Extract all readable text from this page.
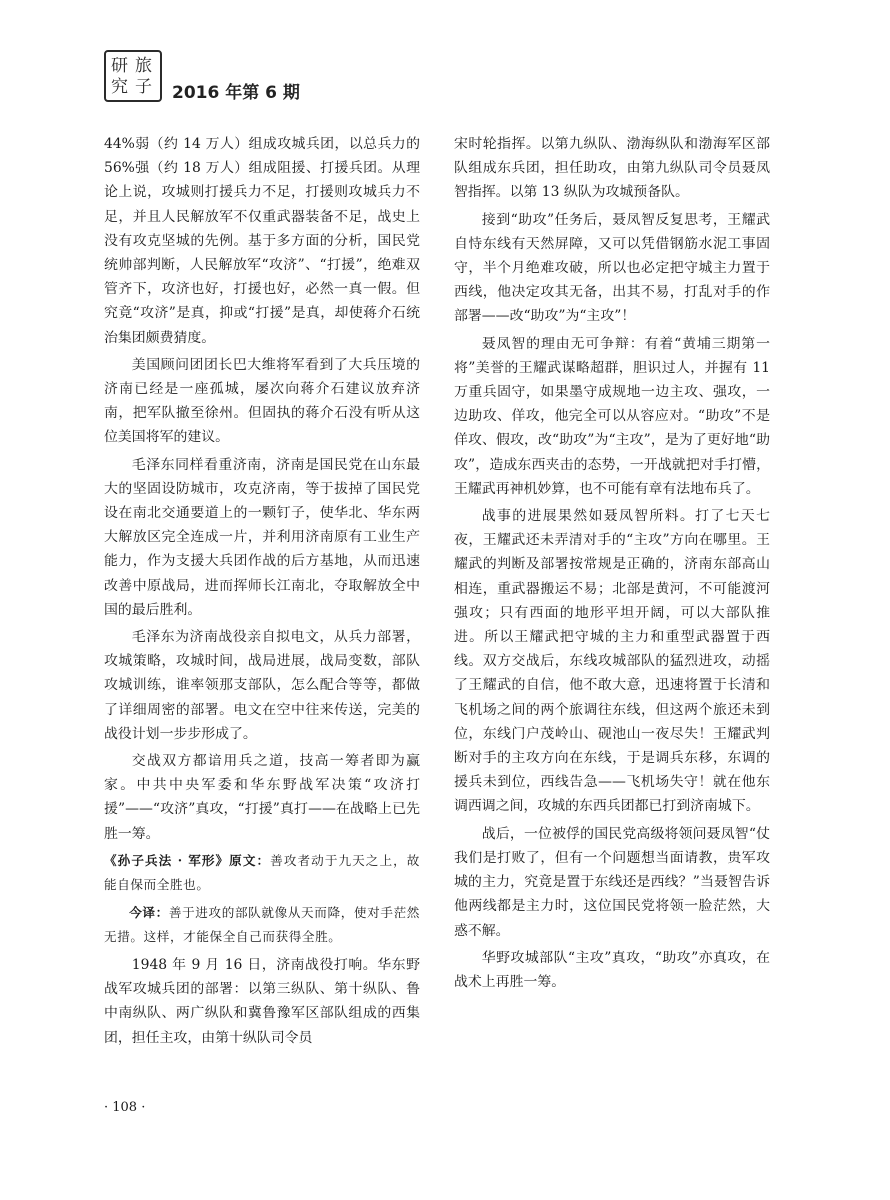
研 旅
究 子 2016 年第 6 期

44%弱（约 14 万人）组成攻城兵团，以总兵力的 56%强（约 18 万人）组成阻援、打援兵团。从理论上说，攻城则打援兵力不足，打援则攻城兵力不足，并且人民解放军不仅重武器装备不足，战史上没有攻克坚城的先例。基于多方面的分析，国民党统帅部判断，人民解放军“攻济”、“打援”，绝难双管齐下，攻济也好，打援也好，必然一真一假。但究竟“攻济”是真，抑或“打援”是真，却使蒋介石统治集团颇费猜度。

美国顾问团团长巴大维将军看到了大兵压境的济南已经是一座孤城，屡次向蒋介石建议放弃济南，把军队撤至徐州。但固执的蒋介石没有听从这位美国将军的建议。

毛泽东同样看重济南，济南是国民党在山东最大的坚固设防城市，攻克济南，等于拔掉了国民党设在南北交通要道上的一颗钉子，使华北、华东两大解放区完全连成一片，并利用济南原有工业生产能力，作为支援大兵团作战的后方基地，从而迅速改善中原战局，进而挥师长江南北，夺取解放全中国的最后胜利。

毛泽东为济南战役亲自拟电文，从兵力部署，攻城策略，攻城时间，战局进展，战局变数，部队攻城训练，谁率领那支部队，怎么配合等等，都做了详细周密的部署。电文在空中往来传送，完美的战役计划一步步形成了。

交战双方都谙用兵之道，技高一筹者即为赢家。中共中央军委和华东野战军决策“攻济打援”——“攻济”真攻，“打援”真打——在战略上已先胜一筹。

《孙子兵法 · 军形》原文：善攻者动于九天之上，故能自保而全胜也。

今译：善于进攻的部队就像从天而降，使对手茫然无措。这样，才能保全自己而获得全胜。

1948 年 9 月 16 日，济南战役打响。华东野战军攻城兵团的部署：以第三纵队、第十纵队、鲁中南纵队、两广纵队和冀鲁豫军区部队组成的西集团，担任主攻，由第十纵队司令员

宋时轮指挥。以第九纵队、渤海纵队和渤海军区部队组成东兵团，担任助攻，由第九纵队司令员聂凤智指挥。以第 13 纵队为攻城预备队。

接到“助攻”任务后，聂凤智反复思考，王耀武自恃东线有天然屏障，又可以凭借钢筋水泥工事固守，半个月绝难攻破，所以也必定把守城主力置于西线，他决定攻其无备，出其不易，打乱对手的作部署——改“助攻”为“主攻”！

聂凤智的理由无可争辩：有着“黄埔三期第一将”美誉的王耀武谋略超群，胆识过人，并握有 11 万重兵固守，如果墨守成规地一边主攻、强攻，一边助攻、佯攻，他完全可以从容应对。“助攻”不是佯攻、假攻，改“助攻”为“主攻”，是为了更好地“助攻”，造成东西夹击的态势，一开战就把对手打懵，王耀武再神机妙算，也不可能有章有法地布兵了。

战事的进展果然如聂凤智所料。打了七天七夜，王耀武还未弄清对手的“主攻”方向在哪里。王耀武的判断及部署按常规是正确的，济南东部高山相连，重武器搬运不易；北部是黄河，不可能渡河强攻；只有西面的地形平坦开阔，可以大部队推进。所以王耀武把守城的主力和重型武器置于西线。双方交战后，东线攻城部队的猛烈进攻，动摇了王耀武的自信，他不敢大意，迅速将置于长清和飞机场之间的两个旅调往东线，但这两个旅还未到位，东线门户茂岭山、砚池山一夜尽失！王耀武判断对手的主攻方向在东线，于是调兵东移，东调的援兵未到位，西线告急——飞机场失守！就在他东调西调之间，攻城的东西兵团都已打到济南城下。

战后，一位被俘的国民党高级将领问聂凤智“仗我们是打败了，但有一个问题想当面请教，贵军攻城的主力，究竟是置于东线还是西线？”当聂智告诉他两线都是主力时，这位国民党将领一脸茫然，大惑不解。

华野攻城部队“主攻”真攻，“助攻”亦真攻，在战术上再胜一筹。

· 108 ·
